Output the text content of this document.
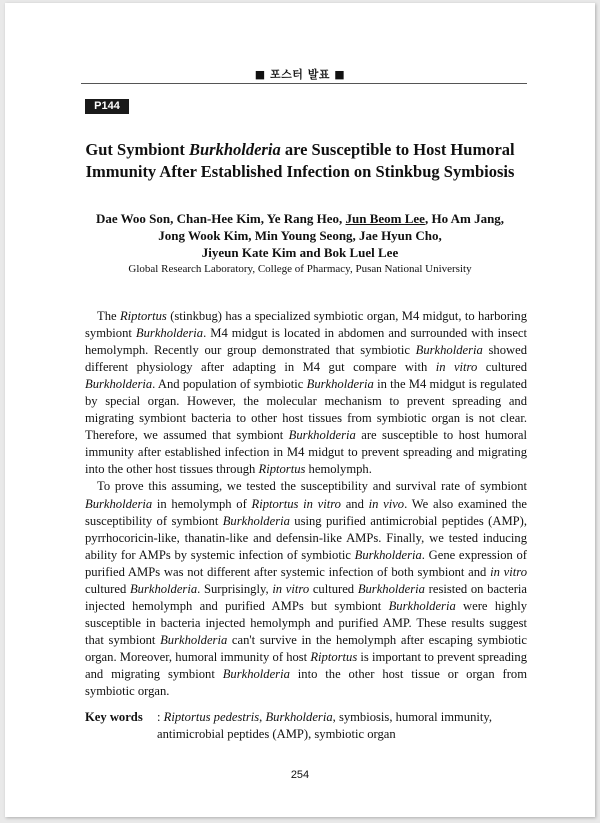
■ 포스터 발표 ■
P144
Gut Symbiont Burkholderia are Susceptible to Host Humoral
Immunity After Established Infection on Stinkbug Symbiosis
Dae Woo Son, Chan-Hee Kim, Ye Rang Heo, Jun Beom Lee, Ho Am Jang,
Jong Wook Kim, Min Young Seong, Jae Hyun Cho,
Jiyeun Kate Kim and Bok Luel Lee
Global Research Laboratory, College of Pharmacy, Pusan National University

The Riptortus (stinkbug) has a specialized symbiotic organ, M4 midgut, to harboring symbiont Burkholderia. M4 midgut is located in abdomen and surrounded with insect hemolymph. Recently our group demonstrated that symbiotic Burkholderia showed different physiology after adapting in M4 gut compare with in vitro cultured Burkholderia. And population of symbiotic Burkholderia in the M4 midgut is regulated by special organ. However, the molecular mechanism to prevent spreading and migrating symbiont bacteria to other host tissues from symbiotic organ is not clear. Therefore, we assumed that symbiont Burkholderia are susceptible to host humoral immunity after established infection in M4 midgut to prevent spreading and migrating into the other host tissues through Riptortus hemolymph.

To prove this assuming, we tested the susceptibility and survival rate of symbiont Burkholderia in hemolymph of Riptortus in vitro and in vivo. We also examined the susceptibility of symbiont Burkholderia using purified antimicrobial peptides (AMP), pyrrhocoricin-like, thanatin-like and defensin-like AMPs. Finally, we tested inducing ability for AMPs by systemic infection of symbiotic Burkholderia. Gene expression of purified AMPs was not different after systemic infection of both symbiont and in vitro cultured Burkholderia. Surprisingly, in vitro cultured Burkholderia resisted on bacteria injected hemolymph and purified AMPs but symbiont Burkholderia were highly susceptible in bacteria injected hemolymph and purified AMP. These results suggest that symbiont Burkholderia can't survive in the hemolymph after escaping symbiotic organ. Moreover, humoral immunity of host Riptortus is important to prevent spreading and migrating symbiont Burkholderia into the other host tissue or organ from symbiotic organ.

Key words	: Riptortus pedestris, Burkholderia, symbiosis, humoral immunity, antimicrobial peptides (AMP), symbiotic organ
254
